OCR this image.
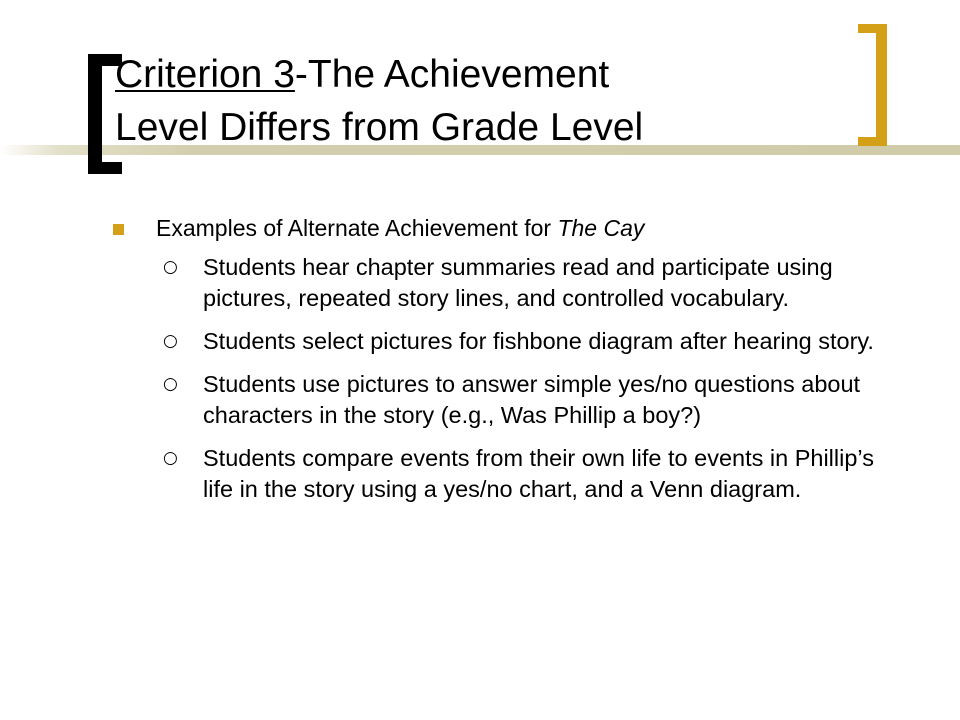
Criterion 3-The Achievement
Level Differs from Grade Level
Examples of Alternate Achievement for The Cay
○ Students hear chapter summaries read and participate using pictures, repeated story lines, and controlled vocabulary.
○ Students select pictures for fishbone diagram after hearing story.
○ Students use pictures to answer simple yes/no questions about characters in the story (e.g., Was Phillip a boy?)
○ Students compare events from their own life to events in Phillip’s life in the story using a yes/no chart, and a Venn diagram.
